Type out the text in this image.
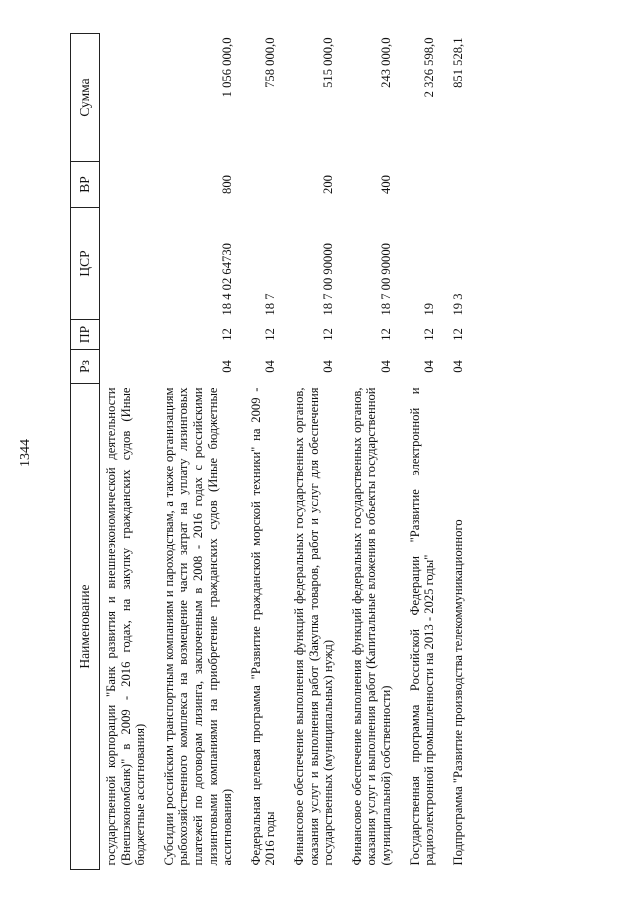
1344
Наименование	Рз	ПР	ЦСР	ВР	Сумма
государственной корпорации "Банк развития и внешнеэкономической деятельности (Внешэкономбанк)" в 2009 - 2016 годах, на закупку гражданских судов (Иные бюджетные ассигнования)					
Субсидии российским транспортным компаниям и пароходствам, а также организациям рыбохозяйственного комплекса на возмещение части затрат на уплату лизинговых платежей по договорам лизинга, заключенным в 2008 - 2016 годах с российскими лизинговыми компаниями на приобретение гражданских судов (Иные бюджетные ассигнования)	04	12	18 4 02 64730	800	1 056 000,0
Федеральная целевая программа "Развитие гражданской морской техники" на 2009 - 2016 годы	04	12	18 7		758 000,0
Финансовое обеспечение выполнения функций федеральных государственных органов, оказания услуг и выполнения работ (Закупка товаров, работ и услуг для обеспечения государственных (муниципальных) нужд)	04	12	18 7 00 90000	200	515 000,0
Финансовое обеспечение выполнения функций федеральных государственных органов, оказания услуг и выполнения работ (Капитальные вложения в объекты государственной (муниципальной) собственности)	04	12	18 7 00 90000	400	243 000,0
Государственная программа Российской Федерации "Развитие электронной и радиоэлектронной промышленности на 2013 - 2025 годы"	04	12	19		2 326 598,0
Подпрограмма "Развитие производства телекоммуникационного	04	12	19 3		851 528,1
